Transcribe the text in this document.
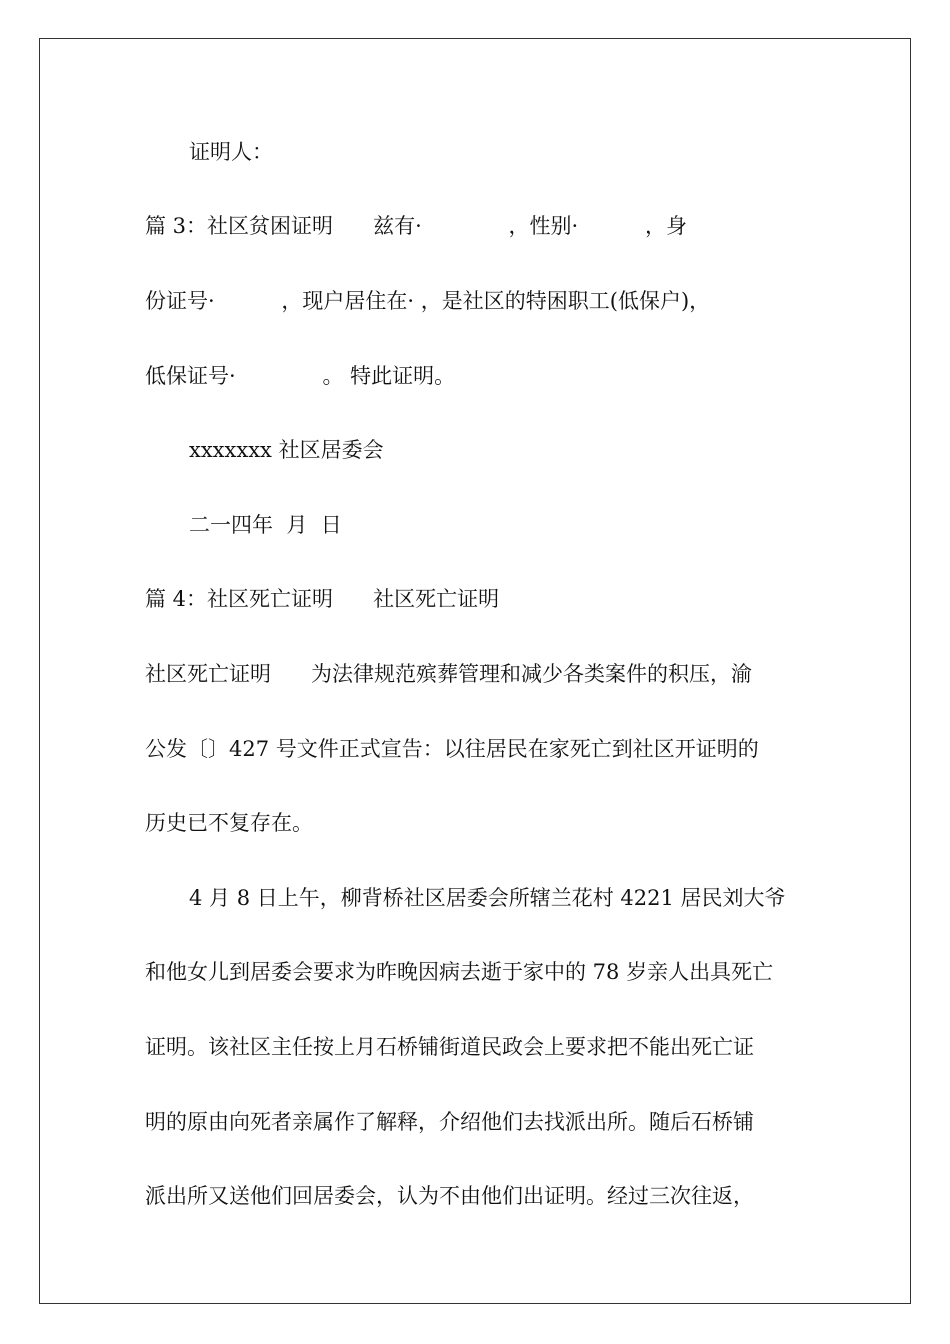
证明人：
篇 3：社区贫困证明      兹有·             ，性别·          ，身
份证号·          ，现户居住在· ，是社区的特困职工(低保户)，
低保证号·             。 特此证明。
xxxxxxx 社区居委会
二一四年  月  日
篇 4：社区死亡证明      社区死亡证明
社区死亡证明      为法律规范殡葬管理和减少各类案件的积压，渝
公发〔〕427 号文件正式宣告：以往居民在家死亡到社区开证明的
历史已不复存在。
4 月 8 日上午，柳背桥社区居委会所辖兰花村 4221 居民刘大爷
和他女儿到居委会要求为昨晚因病去逝于家中的 78 岁亲人出具死亡
证明。该社区主任按上月石桥铺街道民政会上要求把不能出死亡证
明的原由向死者亲属作了解释，介绍他们去找派出所。随后石桥铺
派出所又送他们回居委会，认为不由他们出证明。经过三次往返，
